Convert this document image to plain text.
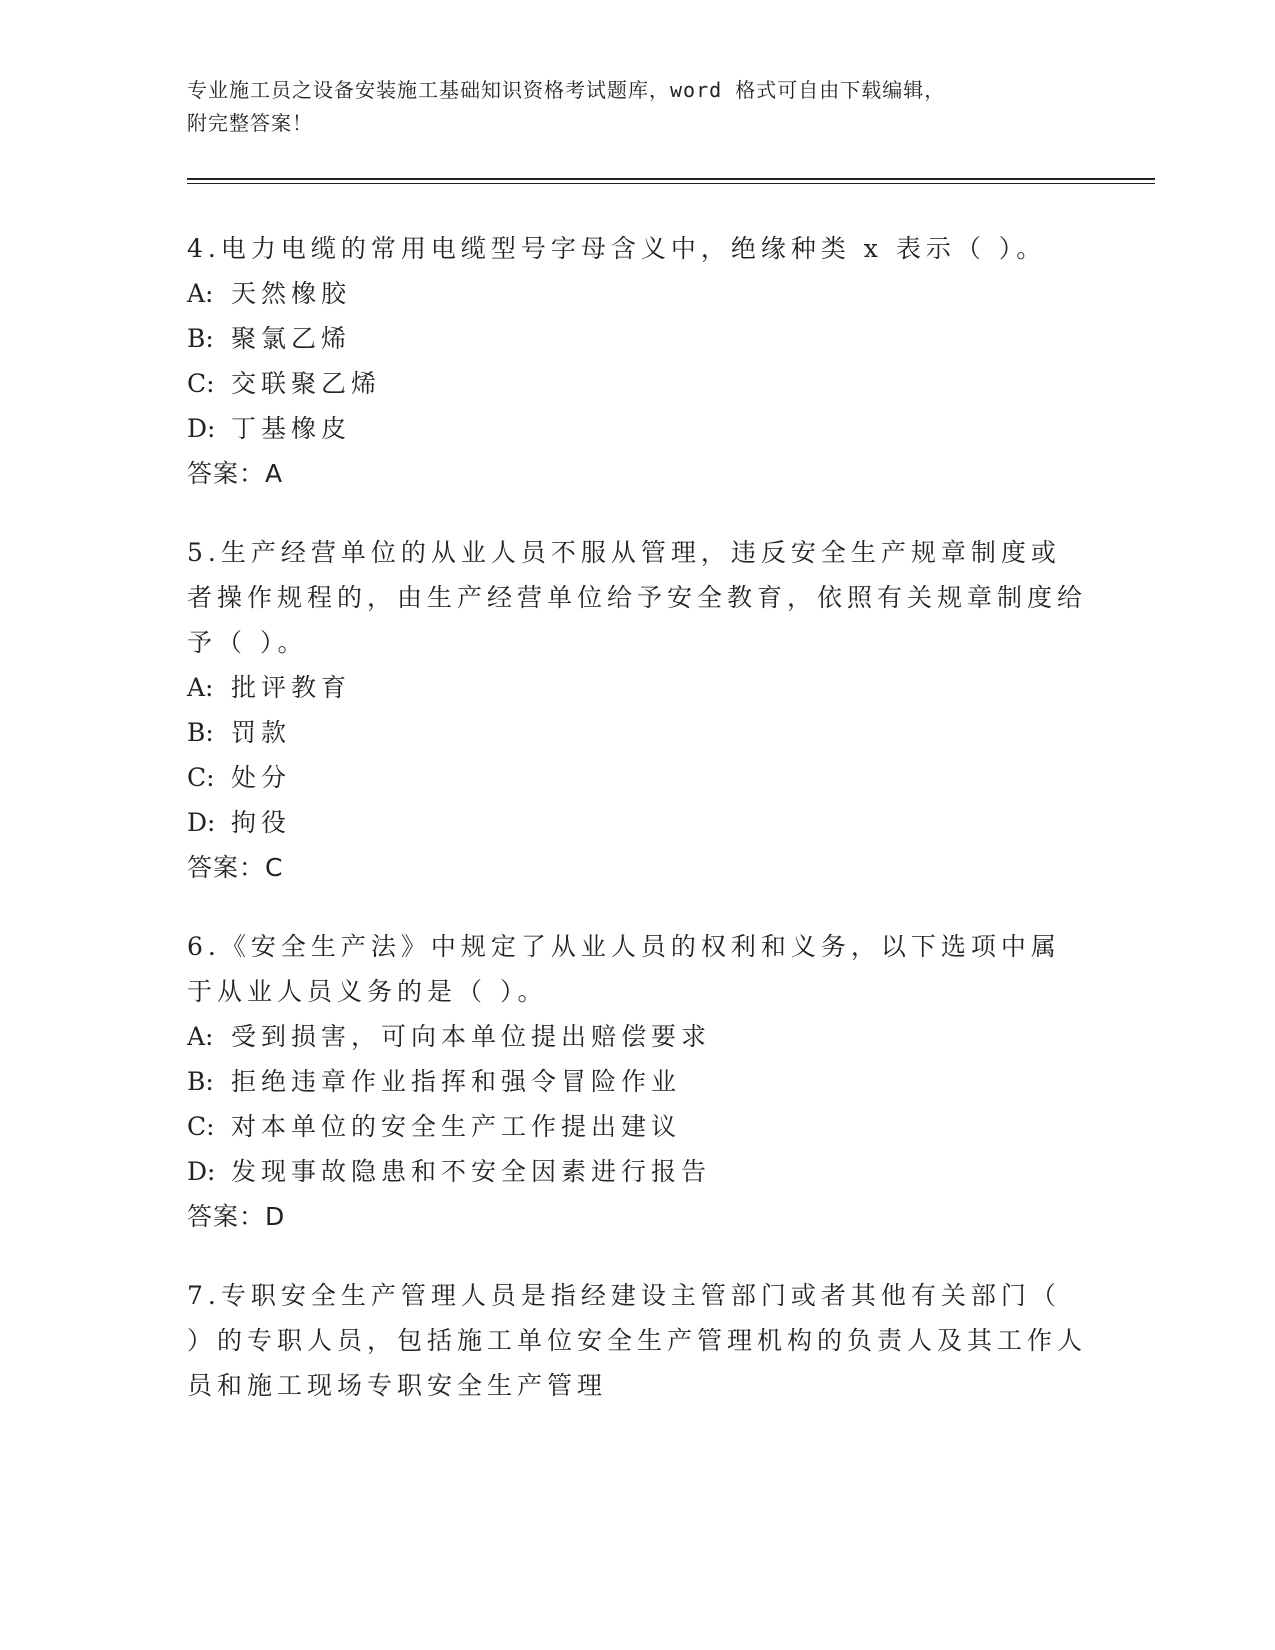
专业施工员之设备安装施工基础知识资格考试题库，word 格式可自由下载编辑，
附完整答案！

4.电力电缆的常用电缆型号字母含义中，绝缘种类 x 表示（ ）。

A: 天然橡胶

B: 聚氯乙烯

C: 交联聚乙烯

D: 丁基橡皮

答案：A

5.生产经营单位的从业人员不服从管理，违反安全生产规章制度或者操作规程的，由生产经营单位给予安全教育，依照有关规章制度给予（ ）。

A: 批评教育

B: 罚款

C: 处分

D: 拘役

答案：C

6.《安全生产法》中规定了从业人员的权利和义务，以下选项中属于从业人员义务的是（ ）。

A: 受到损害，可向本单位提出赔偿要求

B: 拒绝违章作业指挥和强令冒险作业

C: 对本单位的安全生产工作提出建议

D: 发现事故隐患和不安全因素进行报告

答案：D

7.专职安全生产管理人员是指经建设主管部门或者其他有关部门（ ）的专职人员，包括施工单位安全生产管理机构的负责人及其工作人员和施工现场专职安全生产管理
